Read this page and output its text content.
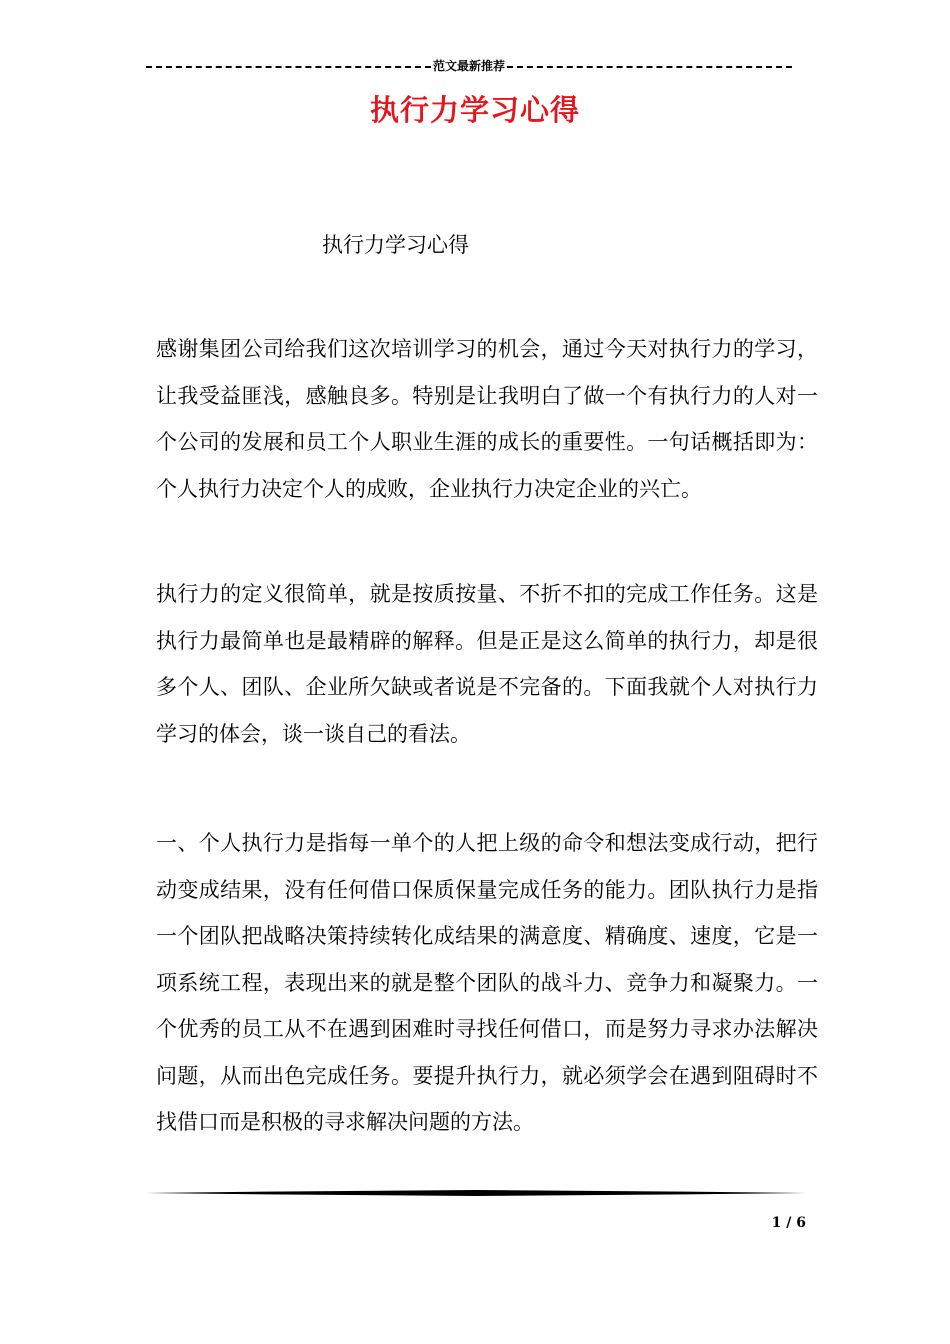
范文最新推荐
执行力学习心得
执行力学习心得
感谢集团公司给我们这次培训学习的机会，通过今天对执行力的学习，让我受益匪浅，感触良多。特别是让我明白了做一个有执行力的人对一个公司的发展和员工个人职业生涯的成长的重要性。一句话概括即为：个人执行力决定个人的成败，企业执行力决定企业的兴亡。
执行力的定义很简单，就是按质按量、不折不扣的完成工作任务。这是执行力最简单也是最精辟的解释。但是正是这么简单的执行力，却是很多个人、团队、企业所欠缺或者说是不完备的。下面我就个人对执行力学习的体会，谈一谈自己的看法。
一、个人执行力是指每一单个的人把上级的命令和想法变成行动，把行动变成结果，没有任何借口保质保量完成任务的能力。团队执行力是指一个团队把战略决策持续转化成结果的满意度、精确度、速度，它是一项系统工程，表现出来的就是整个团队的战斗力、竞争力和凝聚力。一个优秀的员工从不在遇到困难时寻找任何借口，而是努力寻求办法解决问题，从而出色完成任务。要提升执行力，就必须学会在遇到阻碍时不找借口而是积极的寻求解决问题的方法。
1 / 6
